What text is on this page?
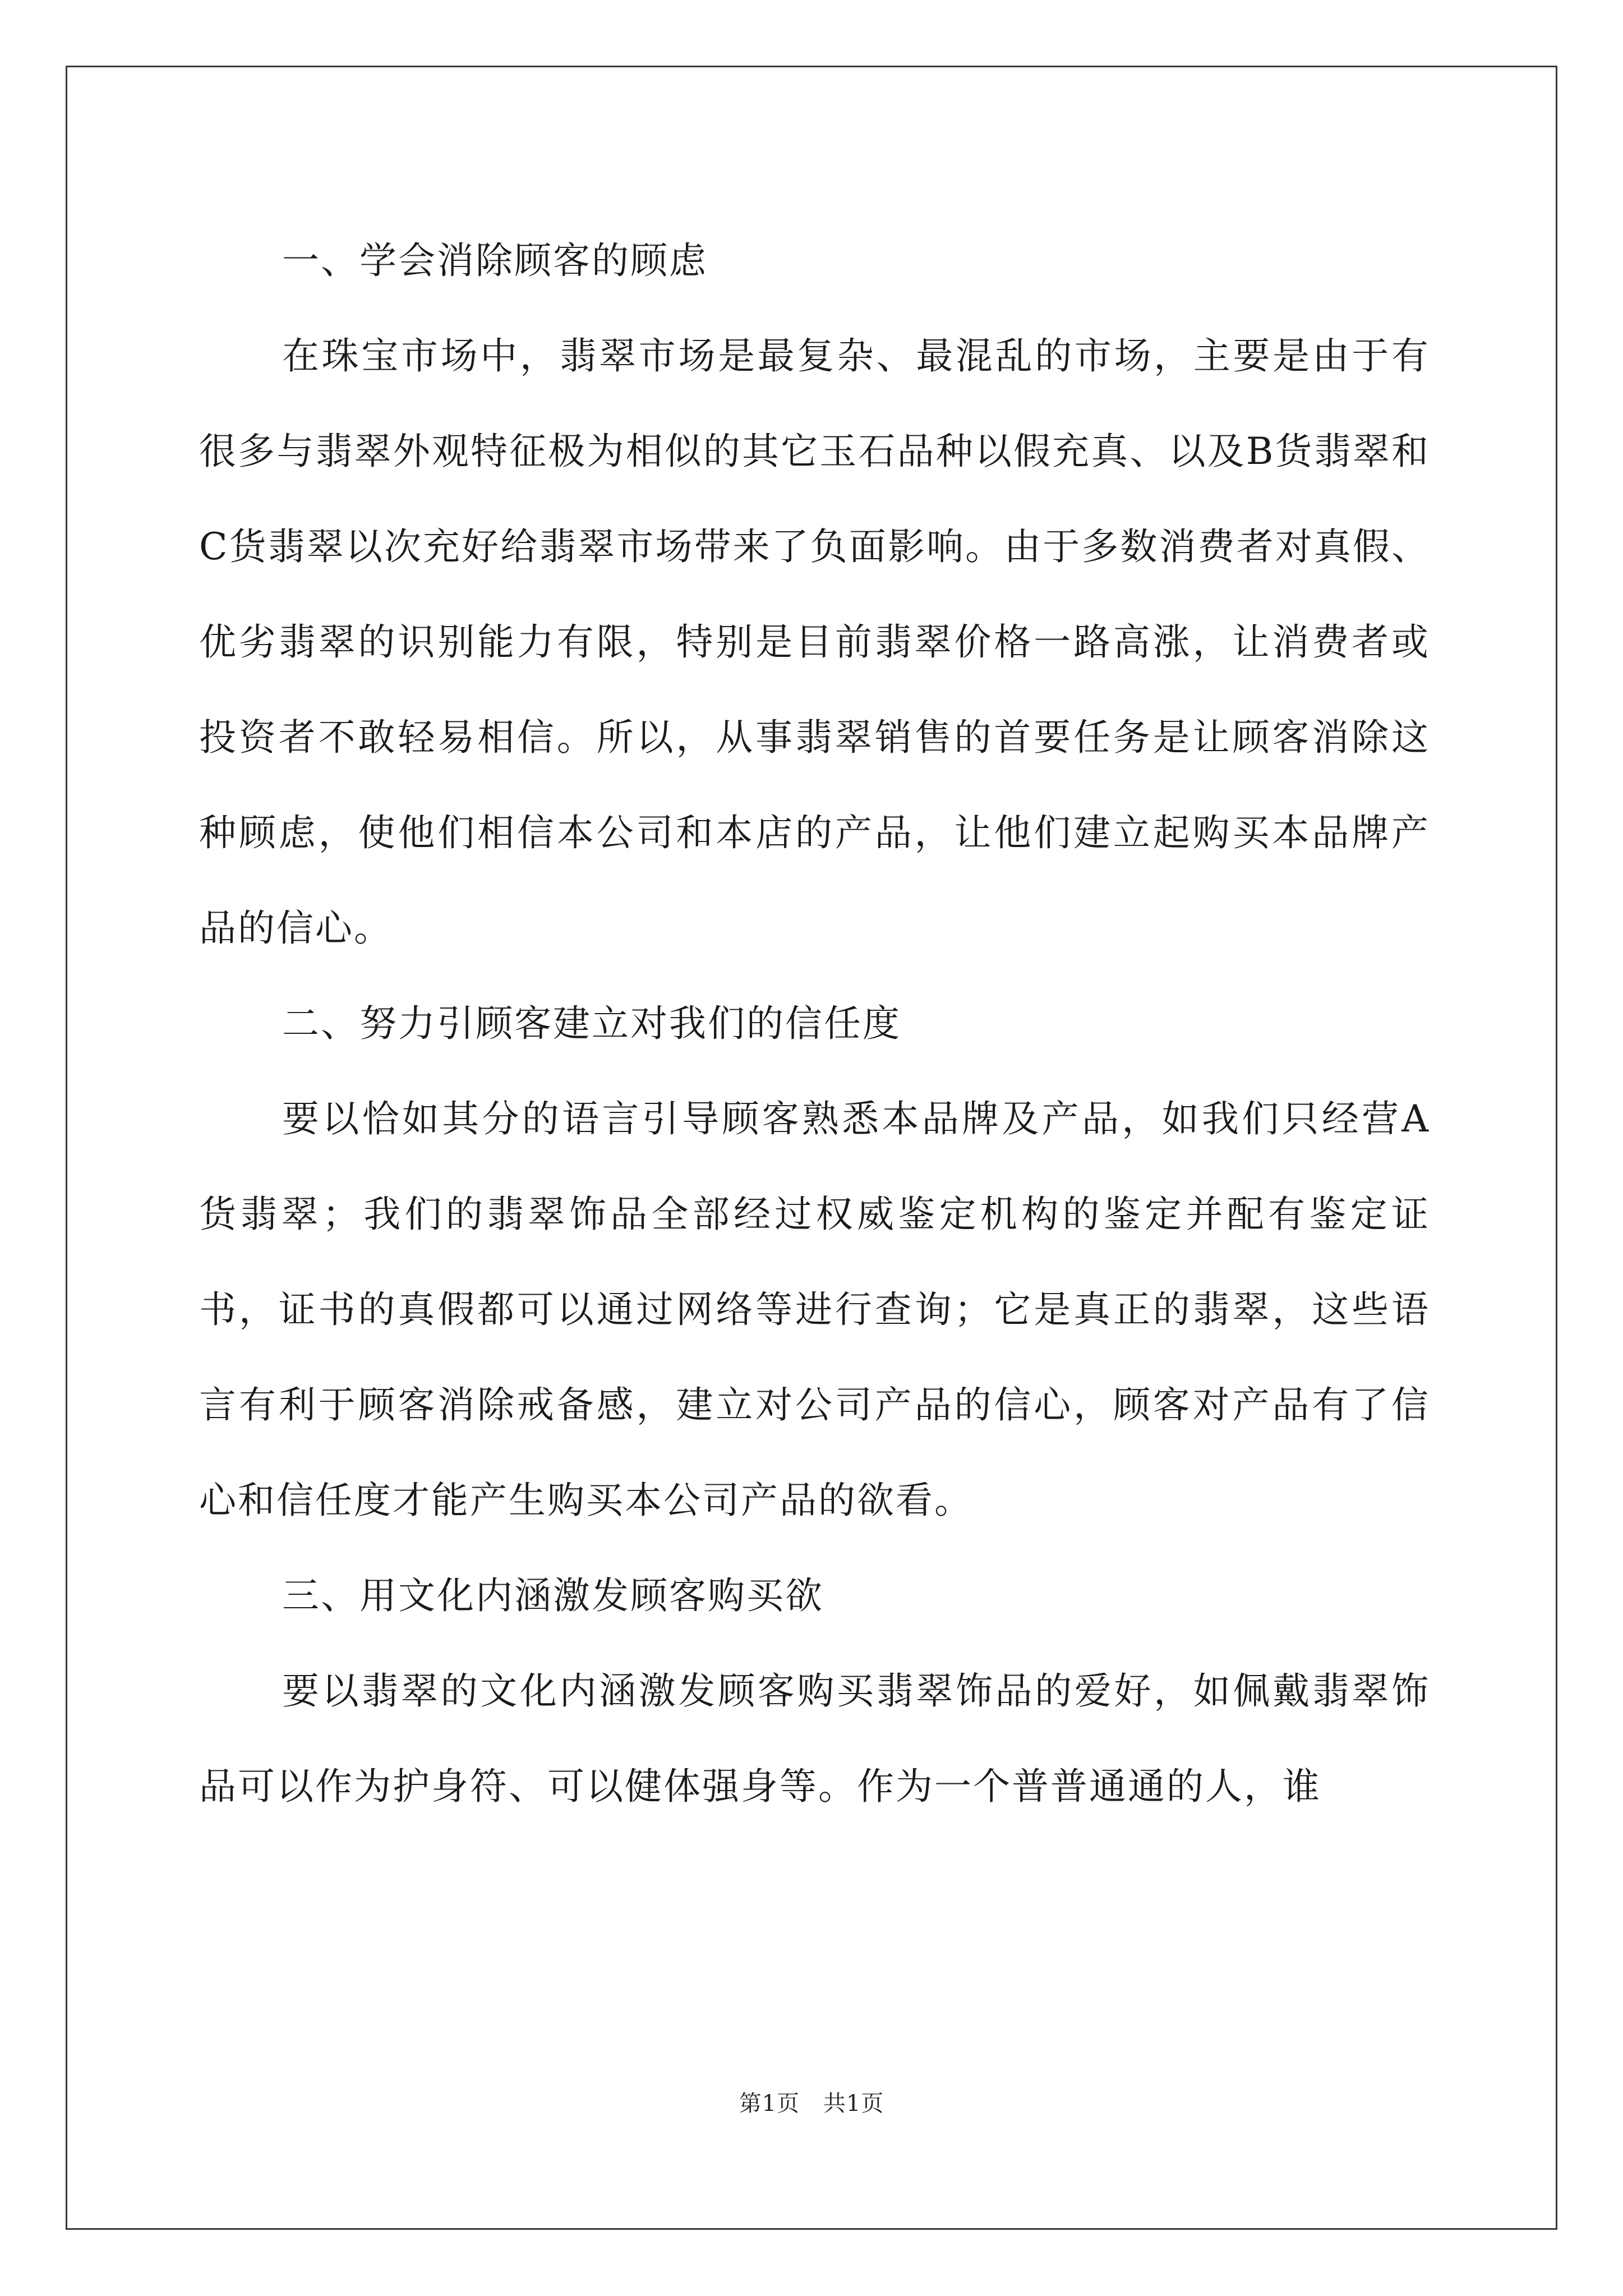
一、学会消除顾客的顾虑

在珠宝市场中，翡翠市场是最复杂、最混乱的市场，主要是由于有很多与翡翠外观特征极为相似的其它玉石品种以假充真、以及B货翡翠和C货翡翠以次充好给翡翠市场带来了负面影响。由于多数消费者对真假、优劣翡翠的识别能力有限，特别是目前翡翠价格一路高涨，让消费者或投资者不敢轻易相信。所以，从事翡翠销售的首要任务是让顾客消除这种顾虑，使他们相信本公司和本店的产品，让他们建立起购买本品牌产品的信心。

二、努力引顾客建立对我们的信任度

要以恰如其分的语言引导顾客熟悉本品牌及产品，如我们只经营A货翡翠；我们的翡翠饰品全部经过权威鉴定机构的鉴定并配有鉴定证书，证书的真假都可以通过网络等进行查询；它是真正的翡翠，这些语言有利于顾客消除戒备感，建立对公司产品的信心，顾客对产品有了信心和信任度才能产生购买本公司产品的欲看。

三、用文化内涵激发顾客购买欲

要以翡翠的文化内涵激发顾客购买翡翠饰品的爱好，如佩戴翡翠饰品可以作为护身符、可以健体强身等。作为一个普普通通的人，谁

第1页 共1页
